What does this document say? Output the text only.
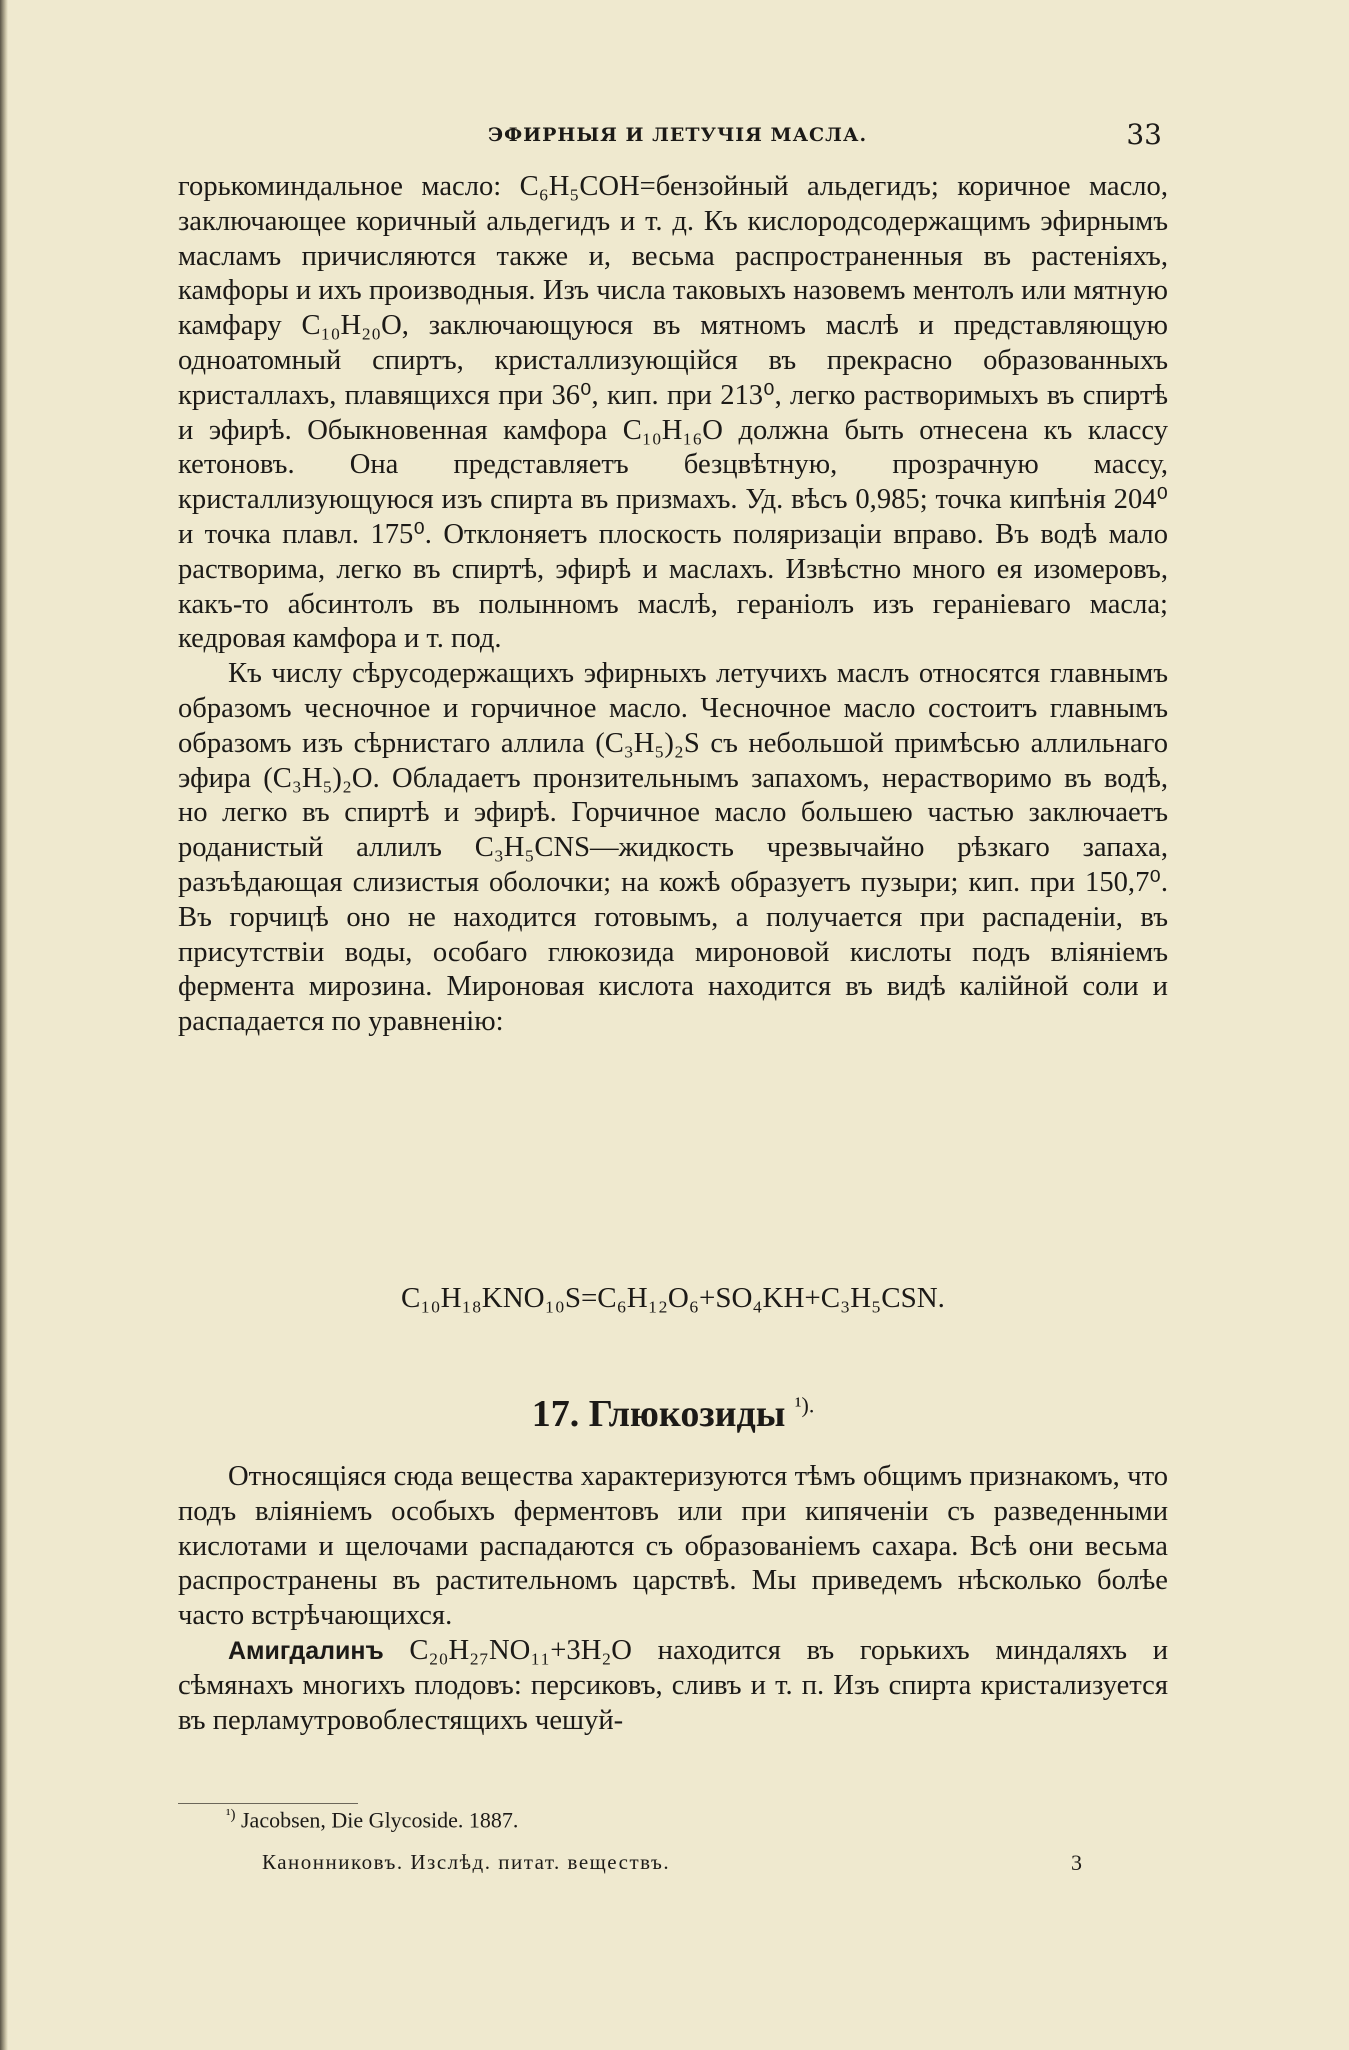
ЭФИРНЫЯ И ЛЕТУЧІЯ МАСЛА.	33

горькоминдальное масло: C₆H₅COH=бензойный альдегидъ; коричное масло, заключающее коричный альдегидъ и т. д. Къ кислородсодержащимъ эфирнымъ масламъ причисляются также и, весьма распространенныя въ растеніяхъ, камфоры и ихъ производныя. Изъ числа таковыхъ назовемъ ментолъ или мятную камфару C₁₀H₂₀O, заключающуюся въ мятномъ маслѣ и представляющую одноатомный спиртъ, кристаллизующійся въ прекрасно образованныхъ кристаллахъ, плавящихся при 36⁰, кип. при 213⁰, легко растворимыхъ въ спиртѣ и эфирѣ. Обыкновенная камфора C₁₀H₁₆O должна быть отнесена къ классу кетоновъ. Она представляетъ безцвѣтную, прозрачную массу, кристаллизующуюся изъ спирта въ призмахъ. Уд. вѣсъ 0,985; точка кипѣнія 204⁰ и точка плавл. 175⁰. Отклоняетъ плоскость поляризаціи вправо. Въ водѣ мало растворима, легко въ спиртѣ, эфирѣ и маслахъ. Извѣстно много ея изомеровъ, какъ-то абсинтолъ въ полынномъ маслѣ, гераніолъ изъ гераніеваго масла; кедровая камфора и т. под.

Къ числу сѣрусодержащихъ эфирныхъ летучихъ маслъ относятся главнымъ образомъ чесночное и горчичное масло. Чесночное масло состоитъ главнымъ образомъ изъ сѣрнистаго аллила (C₃H₅)₂S съ небольшой примѣсью аллильнаго эфира (C₃H₅)₂O. Обладаетъ пронзительнымъ запахомъ, нерастворимо въ водѣ, но легко въ спиртѣ и эфирѣ. Горчичное масло большею частью заключаетъ роданистый аллилъ C₃H₅CNS—жидкость чрезвычайно рѣзкаго запаха, разъѣдающая слизистыя оболочки; на кожѣ образуетъ пузыри; кип. при 150,7⁰. Въ горчицѣ оно не находится готовымъ, а получается при распаденіи, въ присутствіи воды, особаго глюкозида мироновой кислоты подъ вліяніемъ фермента мирозина. Мироновая кислота находится въ видѣ калійной соли и распадается по уравненію:

C₁₀H₁₈KNO₁₀S=C₆H₁₂O₆+SO₄KH+C₃H₅CSN.
17. Глюкозиды $^{^1).}$

Относящіяся сюда вещества характеризуются тѣмъ общимъ признакомъ, что подъ вліяніемъ особыхъ ферментовъ или при кипяченіи съ разведенными кислотами и щелочами распадаются съ образованіемъ сахара. Всѣ они весьма распространены въ растительномъ царствѣ. Мы приведемъ нѣсколько болѣе часто встрѣчающихся.

Амигдалинъ C₂₀H₂₇NO₁₁+3H₂O находится въ горькихъ миндаляхъ и сѣмянахъ многихъ плодовъ: персиковъ, сливъ и т. п. Изъ спирта кристализуется въ перламутровоблестящихъ чешуй-

$^{^1)}$ Jacobsen, Die Glycoside. 1887.
Канонниковъ. Изслѣд. питат. веществъ.	3
